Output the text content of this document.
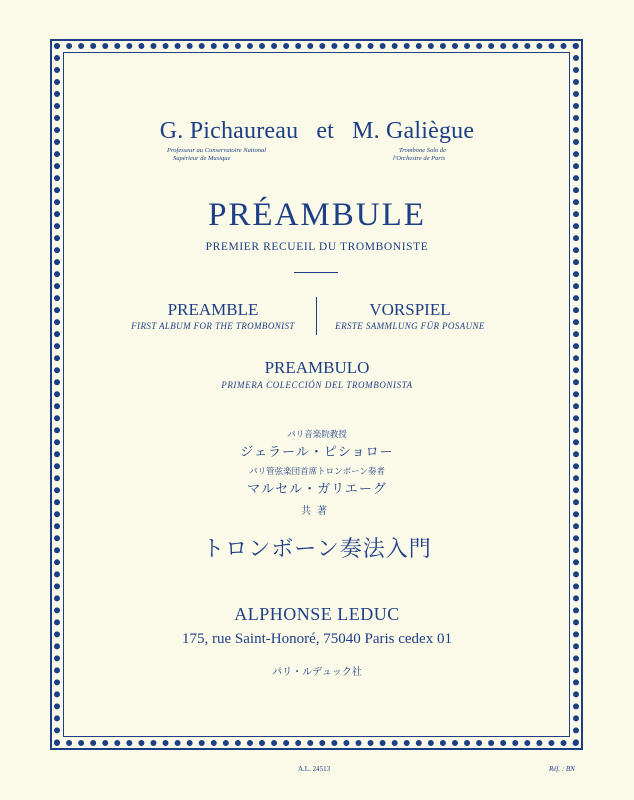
G. Pichaureau et M. Galiègue
Professeur au Conservatoire National
Supérieur de Musique
Trombone Solo de
l'Orchestre de Paris
PRÉAMBULE
PREMIER RECUEIL DU TROMBONISTE
PREAMBLE
FIRST ALBUM FOR THE TROMBONIST
VORSPIEL
ERSTE SAMMLUNG FÜR POSAUNE
PREAMBULO
PRIMERA COLECCIÓN DEL TROMBONISTA
パリ音楽院教授
ジェラール・ピショロー
パリ管弦楽団首席トロンボーン奏者
マルセル・ガリエーグ
共著
トロンボーン奏法入門
ALPHONSE LEDUC
175, rue Saint-Honoré, 75040 Paris cedex 01
パリ・ルデュック社
A.L. 24513	Réf. : BN
